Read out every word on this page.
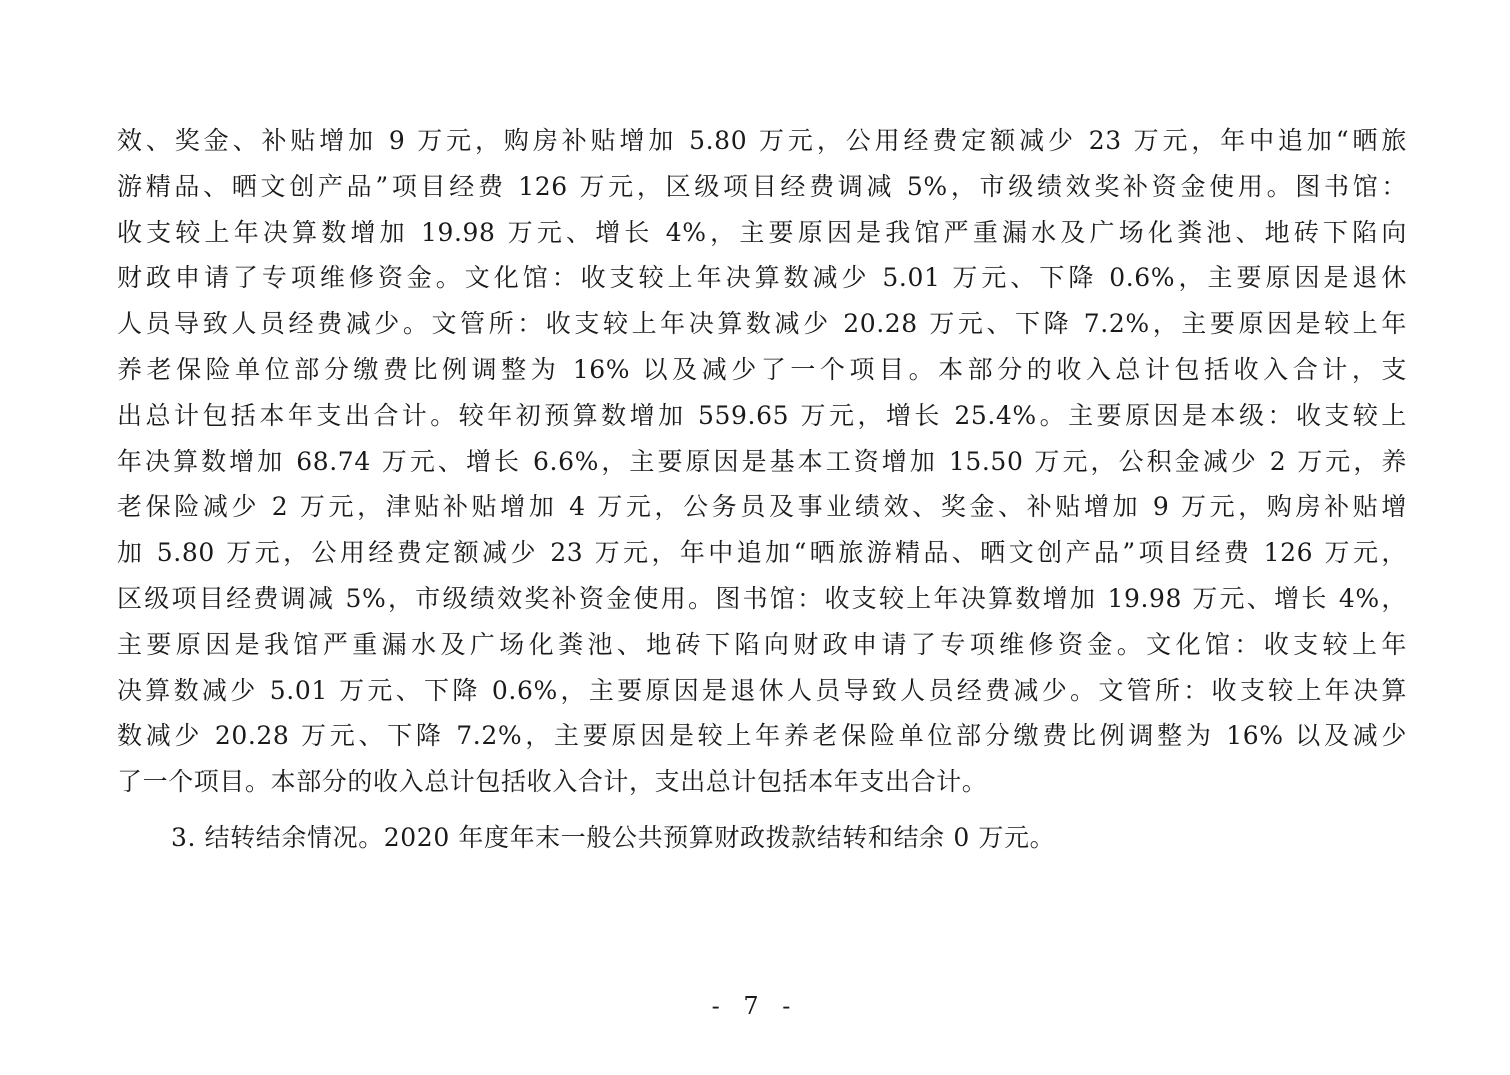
效、奖金、补贴增加 9 万元，购房补贴增加 5.80 万元，公用经费定额减少 23 万元，年中追加“晒旅
游精品、晒文创产品”项目经费 126 万元，区级项目经费调减 5%，市级绩效奖补资金使用。图书馆：
收支较上年决算数增加 19.98 万元、增长 4%，主要原因是我馆严重漏水及广场化粪池、地砖下陷向
财政申请了专项维修资金。文化馆：收支较上年决算数减少 5.01 万元、下降 0.6%，主要原因是退休
人员导致人员经费减少。文管所：收支较上年决算数减少 20.28 万元、下降 7.2%，主要原因是较上年
养老保险单位部分缴费比例调整为 16% 以及减少了一个项目。本部分的收入总计包括收入合计，支
出总计包括本年支出合计。较年初预算数增加 559.65 万元，增长 25.4%。主要原因是本级：收支较上
年决算数增加 68.74 万元、增长 6.6%，主要原因是基本工资增加 15.50 万元，公积金减少 2 万元，养
老保险减少 2 万元，津贴补贴增加 4 万元，公务员及事业绩效、奖金、补贴增加 9 万元，购房补贴增
加 5.80 万元，公用经费定额减少 23 万元，年中追加“晒旅游精品、晒文创产品”项目经费 126 万元，
区级项目经费调减 5%，市级绩效奖补资金使用。图书馆：收支较上年决算数增加 19.98 万元、增长 4%，
主要原因是我馆严重漏水及广场化粪池、地砖下陷向财政申请了专项维修资金。文化馆：收支较上年
决算数减少 5.01 万元、下降 0.6%，主要原因是退休人员导致人员经费减少。文管所：收支较上年决算
数减少 20.28 万元、下降 7.2%，主要原因是较上年养老保险单位部分缴费比例调整为 16% 以及减少
了一个项目。本部分的收入总计包括收入合计，支出总计包括本年支出合计。
3. 结转结余情况。2020 年度年末一般公共预算财政拨款结转和结余 0 万元。
- 7 -
